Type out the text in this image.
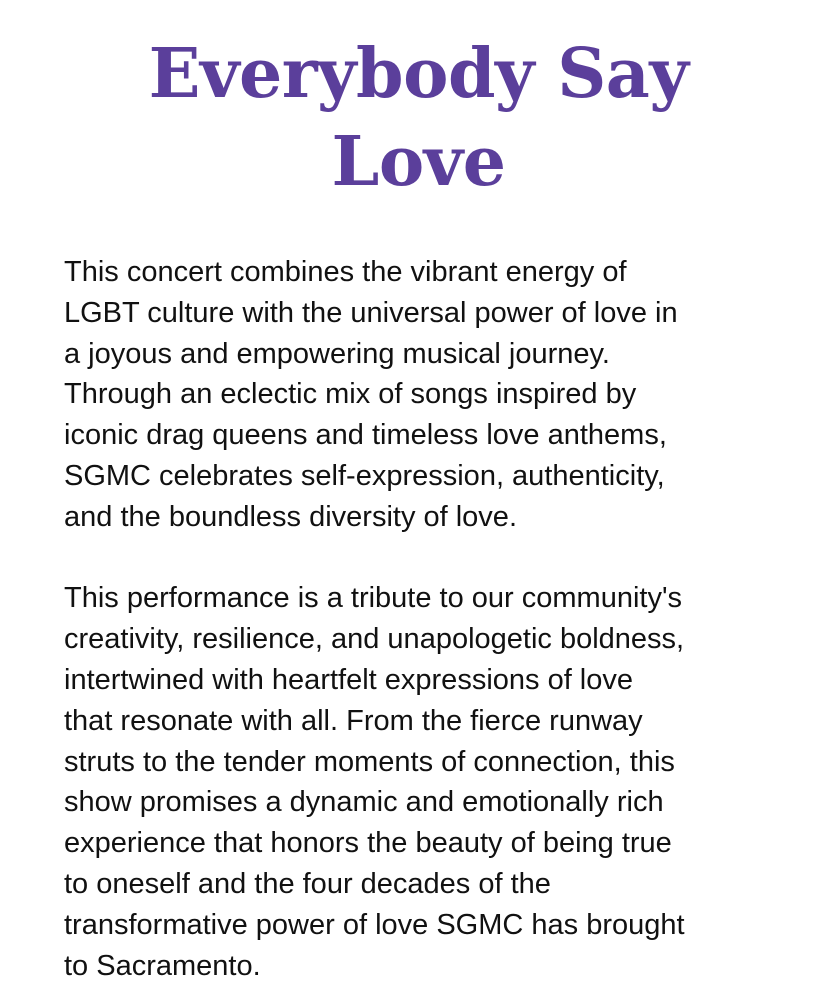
Everybody Say
Love

This concert combines the vibrant energy of
LGBT culture with the universal power of love in
a joyous and empowering musical journey.
Through an eclectic mix of songs inspired by
iconic drag queens and timeless love anthems,
SGMC celebrates self-expression, authenticity,
and the boundless diversity of love.

This performance is a tribute to our community's
creativity, resilience, and unapologetic boldness,
intertwined with heartfelt expressions of love
that resonate with all. From the fierce runway
struts to the tender moments of connection, this
show promises a dynamic and emotionally rich
experience that honors the beauty of being true
to oneself and the four decades of the
transformative power of love SGMC has brought
to Sacramento.
